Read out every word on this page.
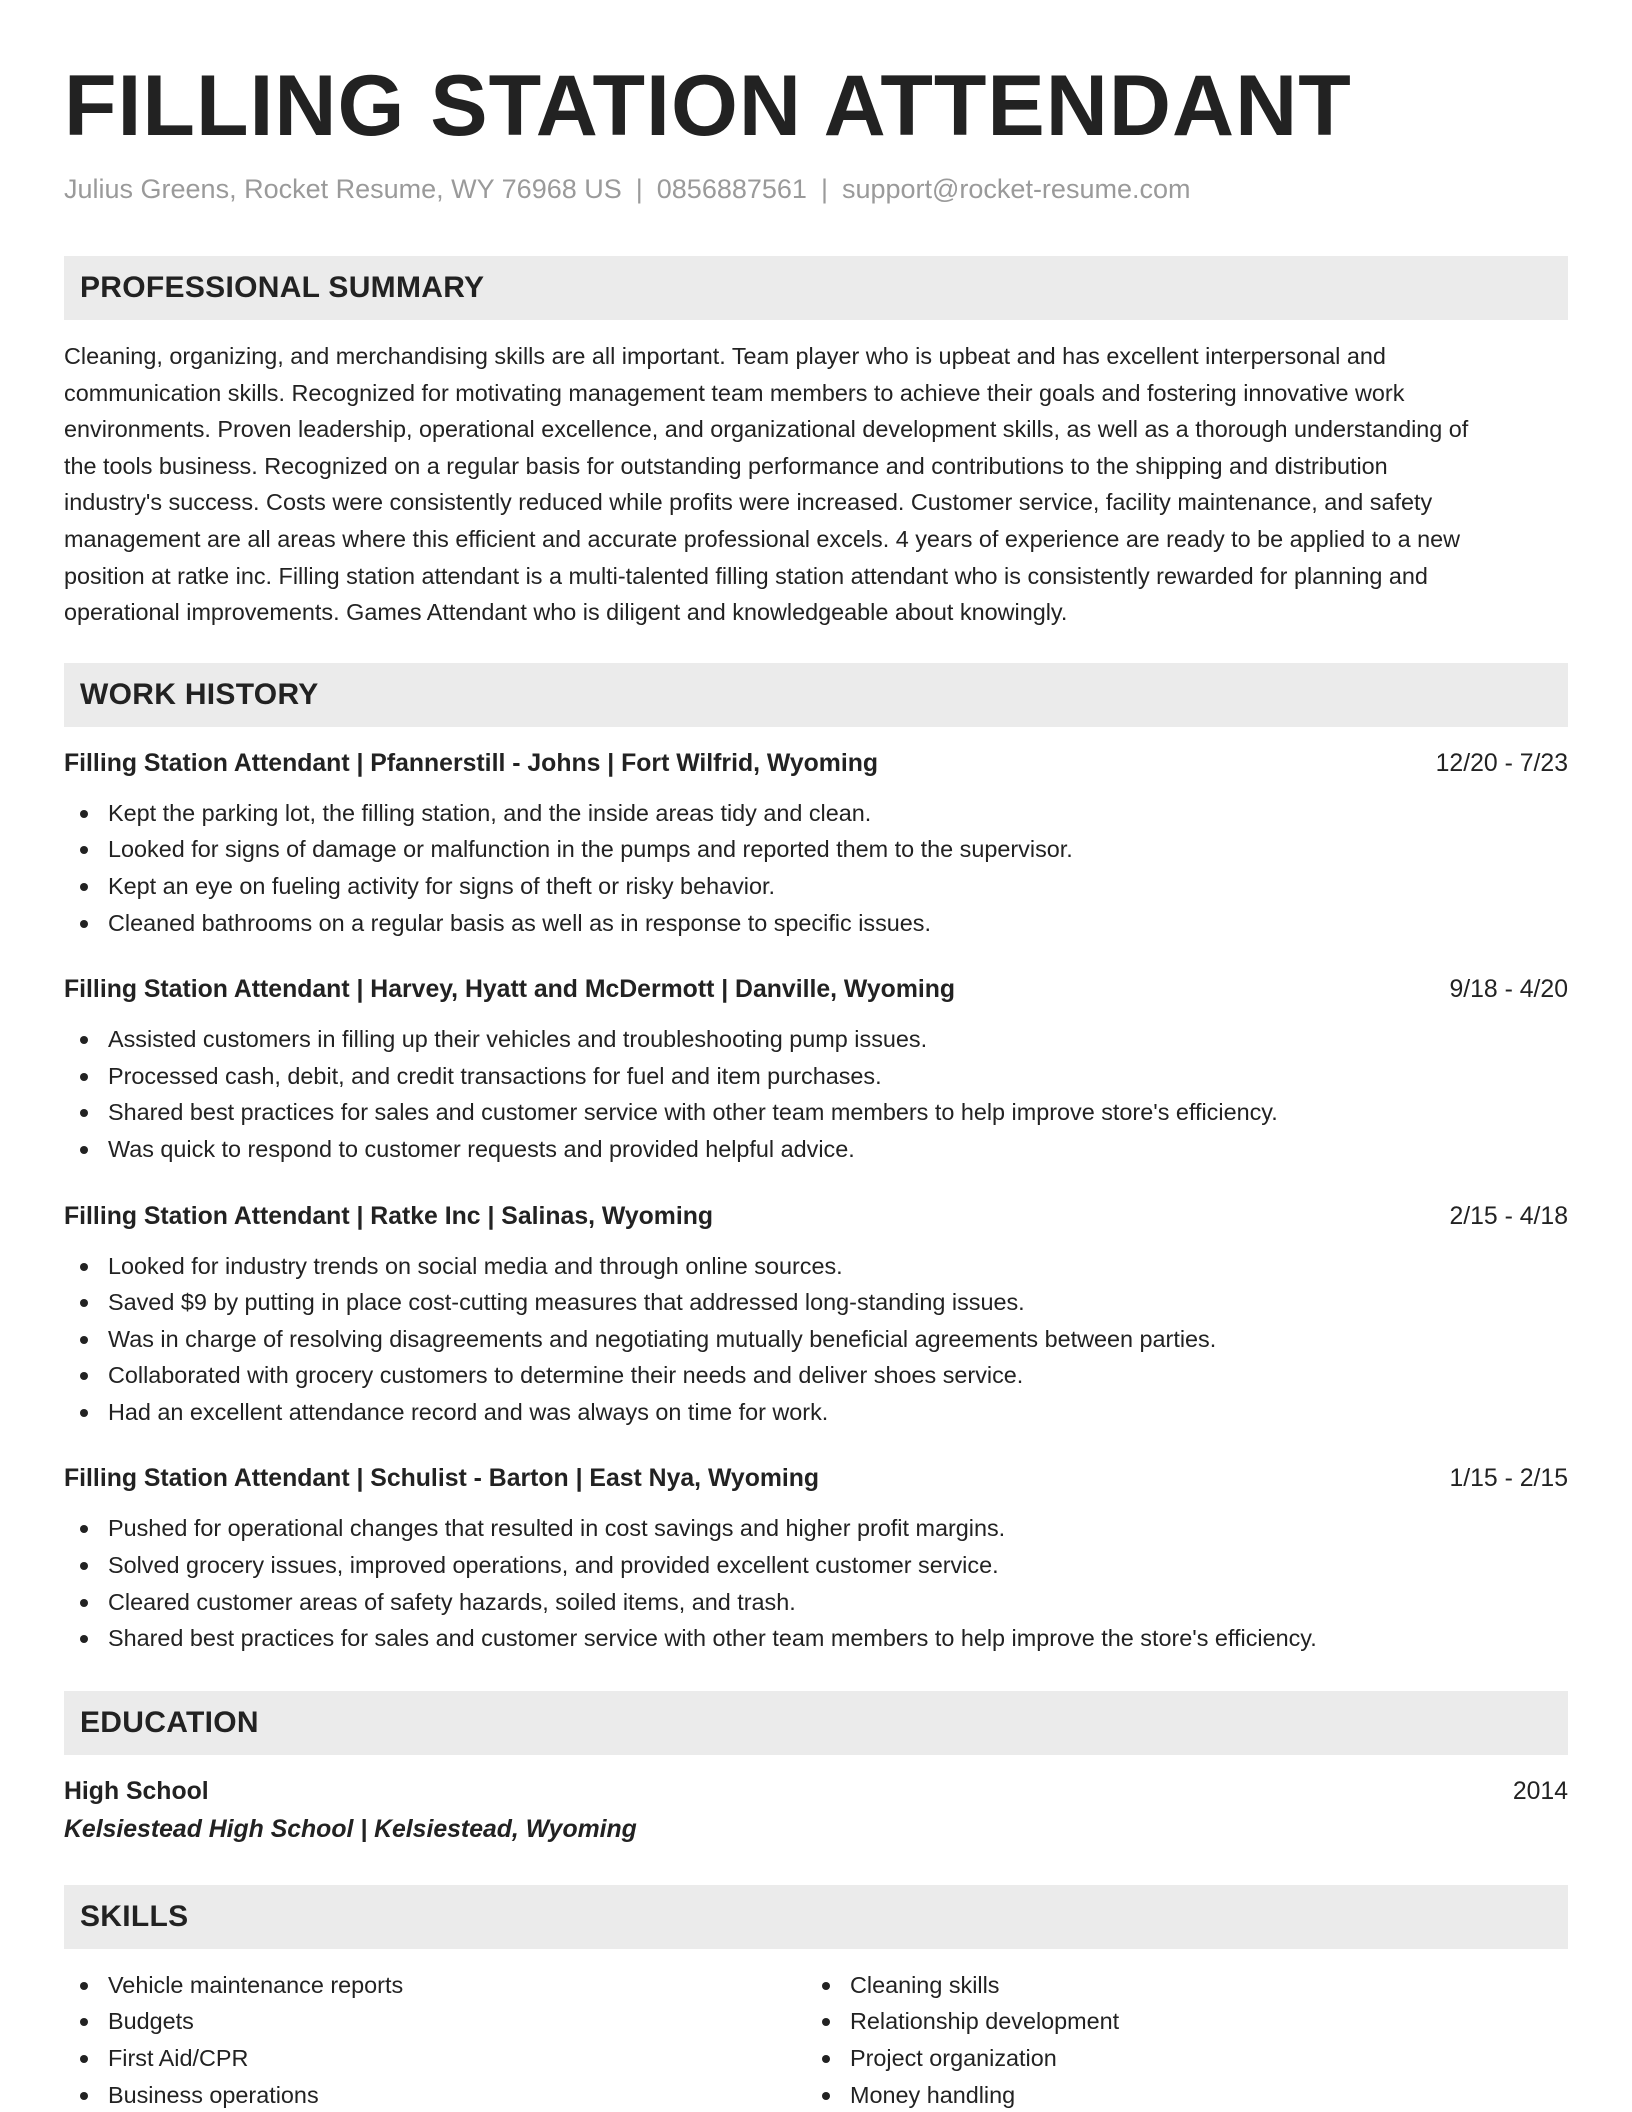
FILLING STATION ATTENDANT
Julius Greens, Rocket Resume, WY 76968 US | 0856887561 | support@rocket-resume.com
PROFESSIONAL SUMMARY
Cleaning, organizing, and merchandising skills are all important. Team player who is upbeat and has excellent interpersonal and
communication skills. Recognized for motivating management team members to achieve their goals and fostering innovative work
environments. Proven leadership, operational excellence, and organizational development skills, as well as a thorough understanding of
the tools business. Recognized on a regular basis for outstanding performance and contributions to the shipping and distribution
industry's success. Costs were consistently reduced while profits were increased. Customer service, facility maintenance, and safety
management are all areas where this efficient and accurate professional excels. 4 years of experience are ready to be applied to a new
position at ratke inc. Filling station attendant is a multi-talented filling station attendant who is consistently rewarded for planning and
operational improvements. Games Attendant who is diligent and knowledgeable about knowingly.
WORK HISTORY
Filling Station Attendant | Pfannerstill - Johns | Fort Wilfrid, Wyoming	12/20 - 7/23
Kept the parking lot, the filling station, and the inside areas tidy and clean.
Looked for signs of damage or malfunction in the pumps and reported them to the supervisor.
Kept an eye on fueling activity for signs of theft or risky behavior.
Cleaned bathrooms on a regular basis as well as in response to specific issues.
Filling Station Attendant | Harvey, Hyatt and McDermott | Danville, Wyoming	9/18 - 4/20
Assisted customers in filling up their vehicles and troubleshooting pump issues.
Processed cash, debit, and credit transactions for fuel and item purchases.
Shared best practices for sales and customer service with other team members to help improve store's efficiency.
Was quick to respond to customer requests and provided helpful advice.
Filling Station Attendant | Ratke Inc | Salinas, Wyoming	2/15 - 4/18
Looked for industry trends on social media and through online sources.
Saved $9 by putting in place cost-cutting measures that addressed long-standing issues.
Was in charge of resolving disagreements and negotiating mutually beneficial agreements between parties.
Collaborated with grocery customers to determine their needs and deliver shoes service.
Had an excellent attendance record and was always on time for work.
Filling Station Attendant | Schulist - Barton | East Nya, Wyoming	1/15 - 2/15
Pushed for operational changes that resulted in cost savings and higher profit margins.
Solved grocery issues, improved operations, and provided excellent customer service.
Cleared customer areas of safety hazards, soiled items, and trash.
Shared best practices for sales and customer service with other team members to help improve the store's efficiency.
EDUCATION
High School	2014
Kelsiestead High School | Kelsiestead, Wyoming
SKILLS
Vehicle maintenance reports
Budgets
First Aid/CPR
Business operations
Cleaning skills
Relationship development
Project organization
Money handling
